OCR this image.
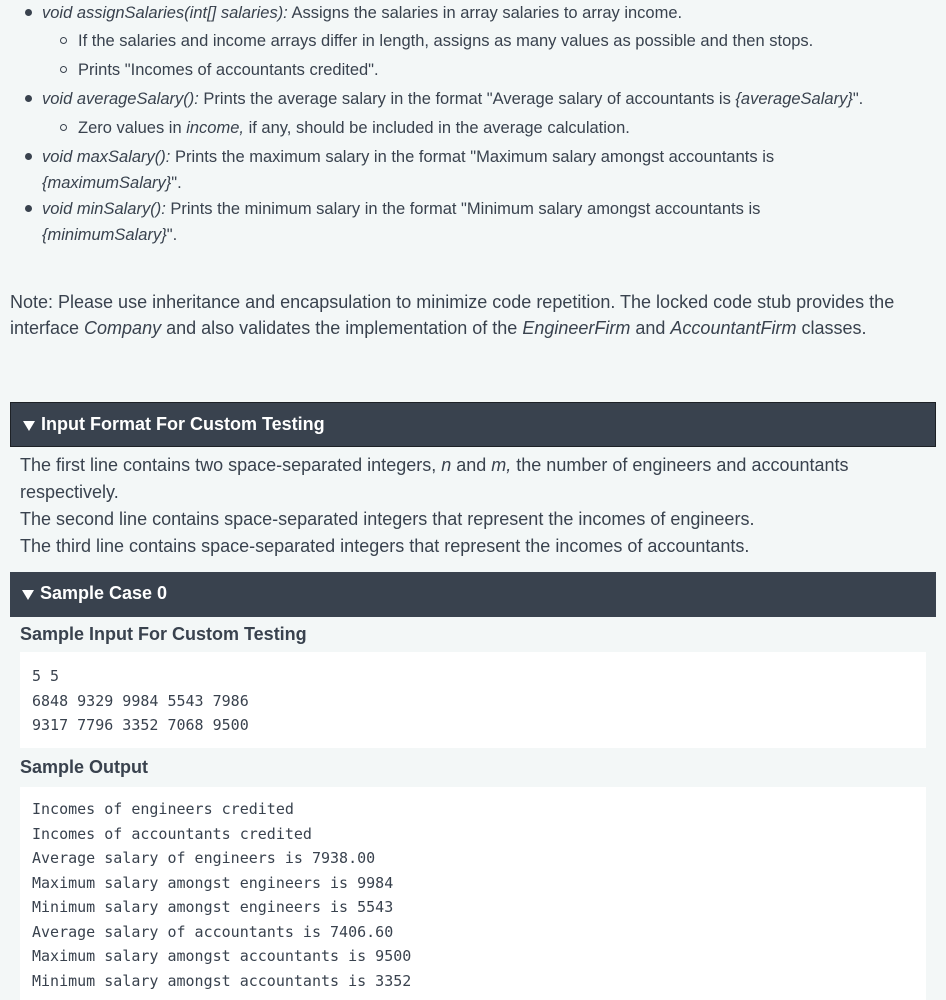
void assignSalaries(int[] salaries): Assigns the salaries in array salaries to array income.
If the salaries and income arrays differ in length, assigns as many values as possible and then stops.
Prints "Incomes of accountants credited".
void averageSalary(): Prints the average salary in the format "Average salary of accountants is {averageSalary}".
Zero values in income, if any, should be included in the average calculation.
void maxSalary(): Prints the maximum salary in the format "Maximum salary amongst accountants is
{maximumSalary}".
void minSalary(): Prints the minimum salary in the format "Minimum salary amongst accountants is
{minimumSalary}".
Note: Please use inheritance and encapsulation to minimize code repetition. The locked code stub provides the interface Company and also validates the implementation of the EngineerFirm and AccountantFirm classes.
Input Format For Custom Testing

The first line contains two space-separated integers, n and m, the number of engineers and accountants respectively.

The second line contains space-separated integers that represent the incomes of engineers.

The third line contains space-separated integers that represent the incomes of accountants.

Sample Case 0
Sample Input For Custom Testing
5 5
6848 9329 9984 5543 7986
9317 7796 3352 7068 9500
Sample Output
Incomes of engineers credited
Incomes of accountants credited
Average salary of engineers is 7938.00
Maximum salary amongst engineers is 9984
Minimum salary amongst engineers is 5543
Average salary of accountants is 7406.60
Maximum salary amongst accountants is 9500
Minimum salary amongst accountants is 3352
